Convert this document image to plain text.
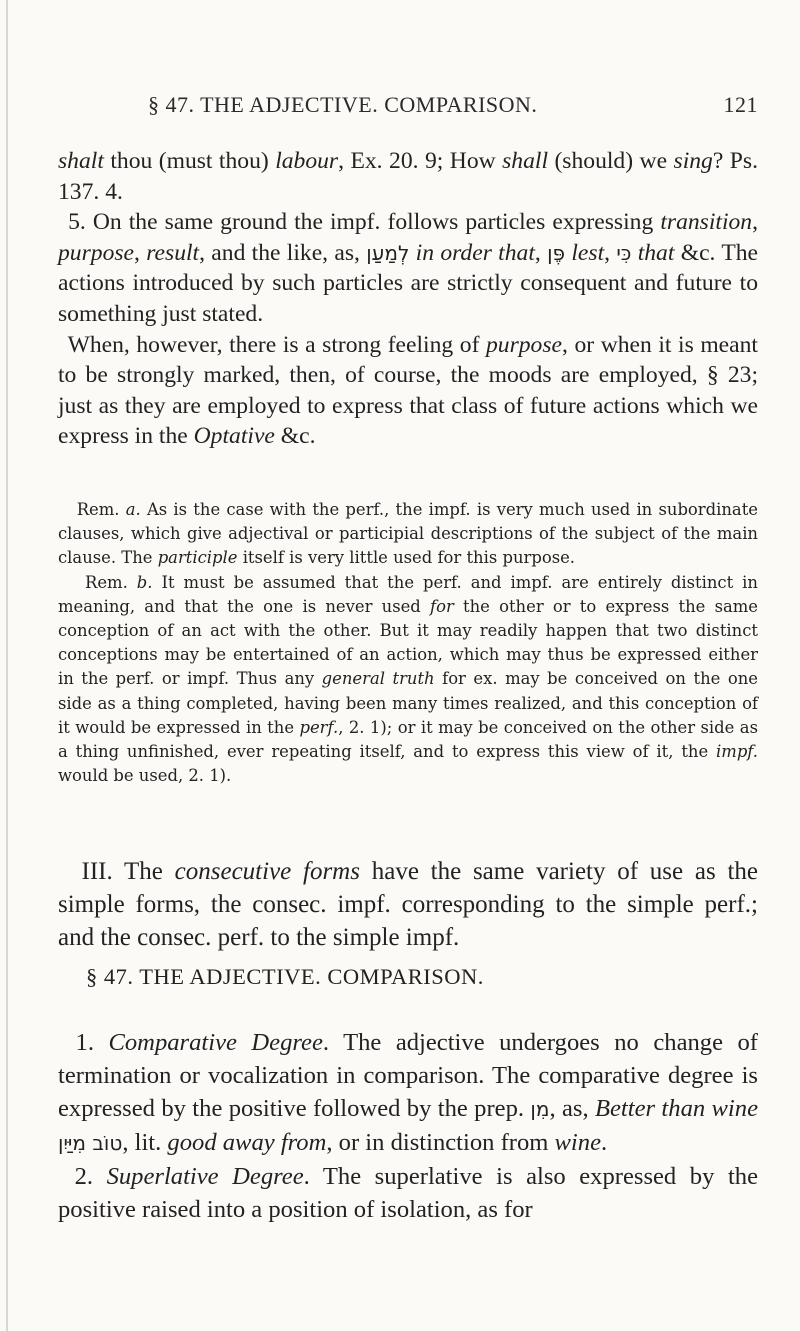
§ 47. THE ADJECTIVE. COMPARISON.	121

shalt thou (must thou) labour, Ex. 20. 9; How shall (should) we sing? Ps. 137. 4.

5. On the same ground the impf. follows particles expressing transition, purpose, result, and the like, as, לְמַעַן in order that, פֶּן lest, כִּי that &c. The actions introduced by such particles are strictly consequent and future to something just stated.

When, however, there is a strong feeling of purpose, or when it is meant to be strongly marked, then, of course, the moods are employed, § 23; just as they are employed to express that class of future actions which we express in the Optative &c.

Rem. a. As is the case with the perf., the impf. is very much used in subordinate clauses, which give adjectival or participial descriptions of the subject of the main clause. The participle itself is very little used for this purpose.

Rem. b. It must be assumed that the perf. and impf. are entirely distinct in meaning, and that the one is never used for the other or to express the same conception of an act with the other. But it may readily happen that two distinct conceptions may be entertained of an action, which may thus be expressed either in the perf. or impf. Thus any general truth for ex. may be conceived on the one side as a thing completed, having been many times realized, and this conception of it would be expressed in the perf., 2. 1); or it may be conceived on the other side as a thing unfinished, ever repeating itself, and to express this view of it, the impf. would be used, 2. 1).

III. The consecutive forms have the same variety of use as the simple forms, the consec. impf. corresponding to the simple perf.; and the consec. perf. to the simple impf.
§ 47. THE ADJECTIVE. COMPARISON.

1. Comparative Degree. The adjective undergoes no change of termination or vocalization in comparison. The comparative degree is expressed by the positive followed by the prep. מִן, as, Better than wine טוֹב מִיַּיִן, lit. good away from, or in distinction from wine.

2. Superlative Degree. The superlative is also expressed by the positive raised into a position of isolation, as for
